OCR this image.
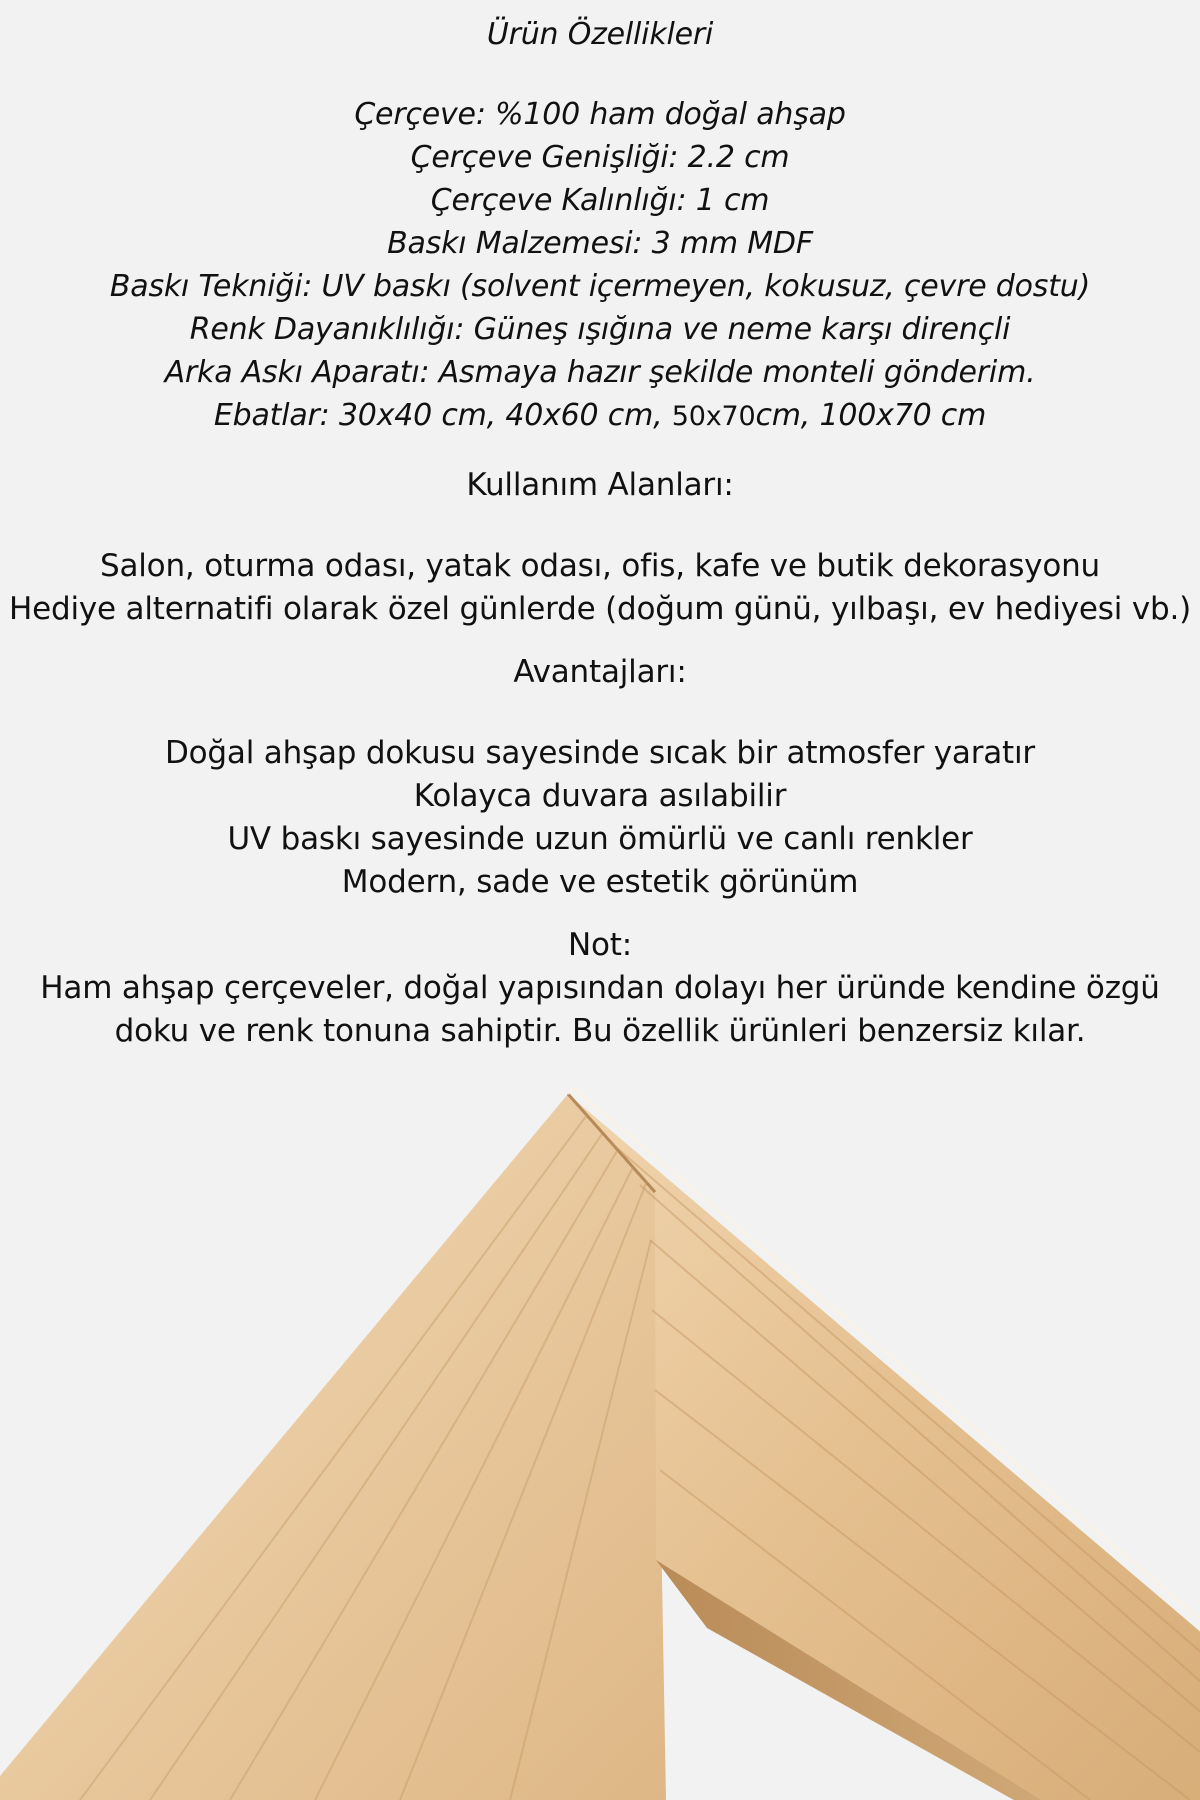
Ürün Özellikleri

Çerçeve: %100 ham doğal ahşap

Çerçeve Genişliği: 2.2 cm

Çerçeve Kalınlığı: 1 cm

Baskı Malzemesi: 3 mm MDF

Baskı Tekniği: UV baskı (solvent içermeyen, kokusuz, çevre dostu)

Renk Dayanıklılığı: Güneş ışığına ve neme karşı dirençli

Arka Askı Aparatı: Asmaya hazır şekilde monteli gönderim.

Ebatlar: 30x40 cm, 40x60 cm, 50x70cm, 100x70 cm

Kullanım Alanları:

Salon, oturma odası, yatak odası, ofis, kafe ve butik dekorasyonu

Hediye alternatifi olarak özel günlerde (doğum günü, yılbaşı, ev hediyesi vb.)

Avantajları:

Doğal ahşap dokusu sayesinde sıcak bir atmosfer yaratır

Kolayca duvara asılabilir

UV baskı sayesinde uzun ömürlü ve canlı renkler

Modern, sade ve estetik görünüm

Not:

Ham ahşap çerçeveler, doğal yapısından dolayı her üründe kendine özgü

doku ve renk tonuna sahiptir. Bu özellik ürünleri benzersiz kılar.
